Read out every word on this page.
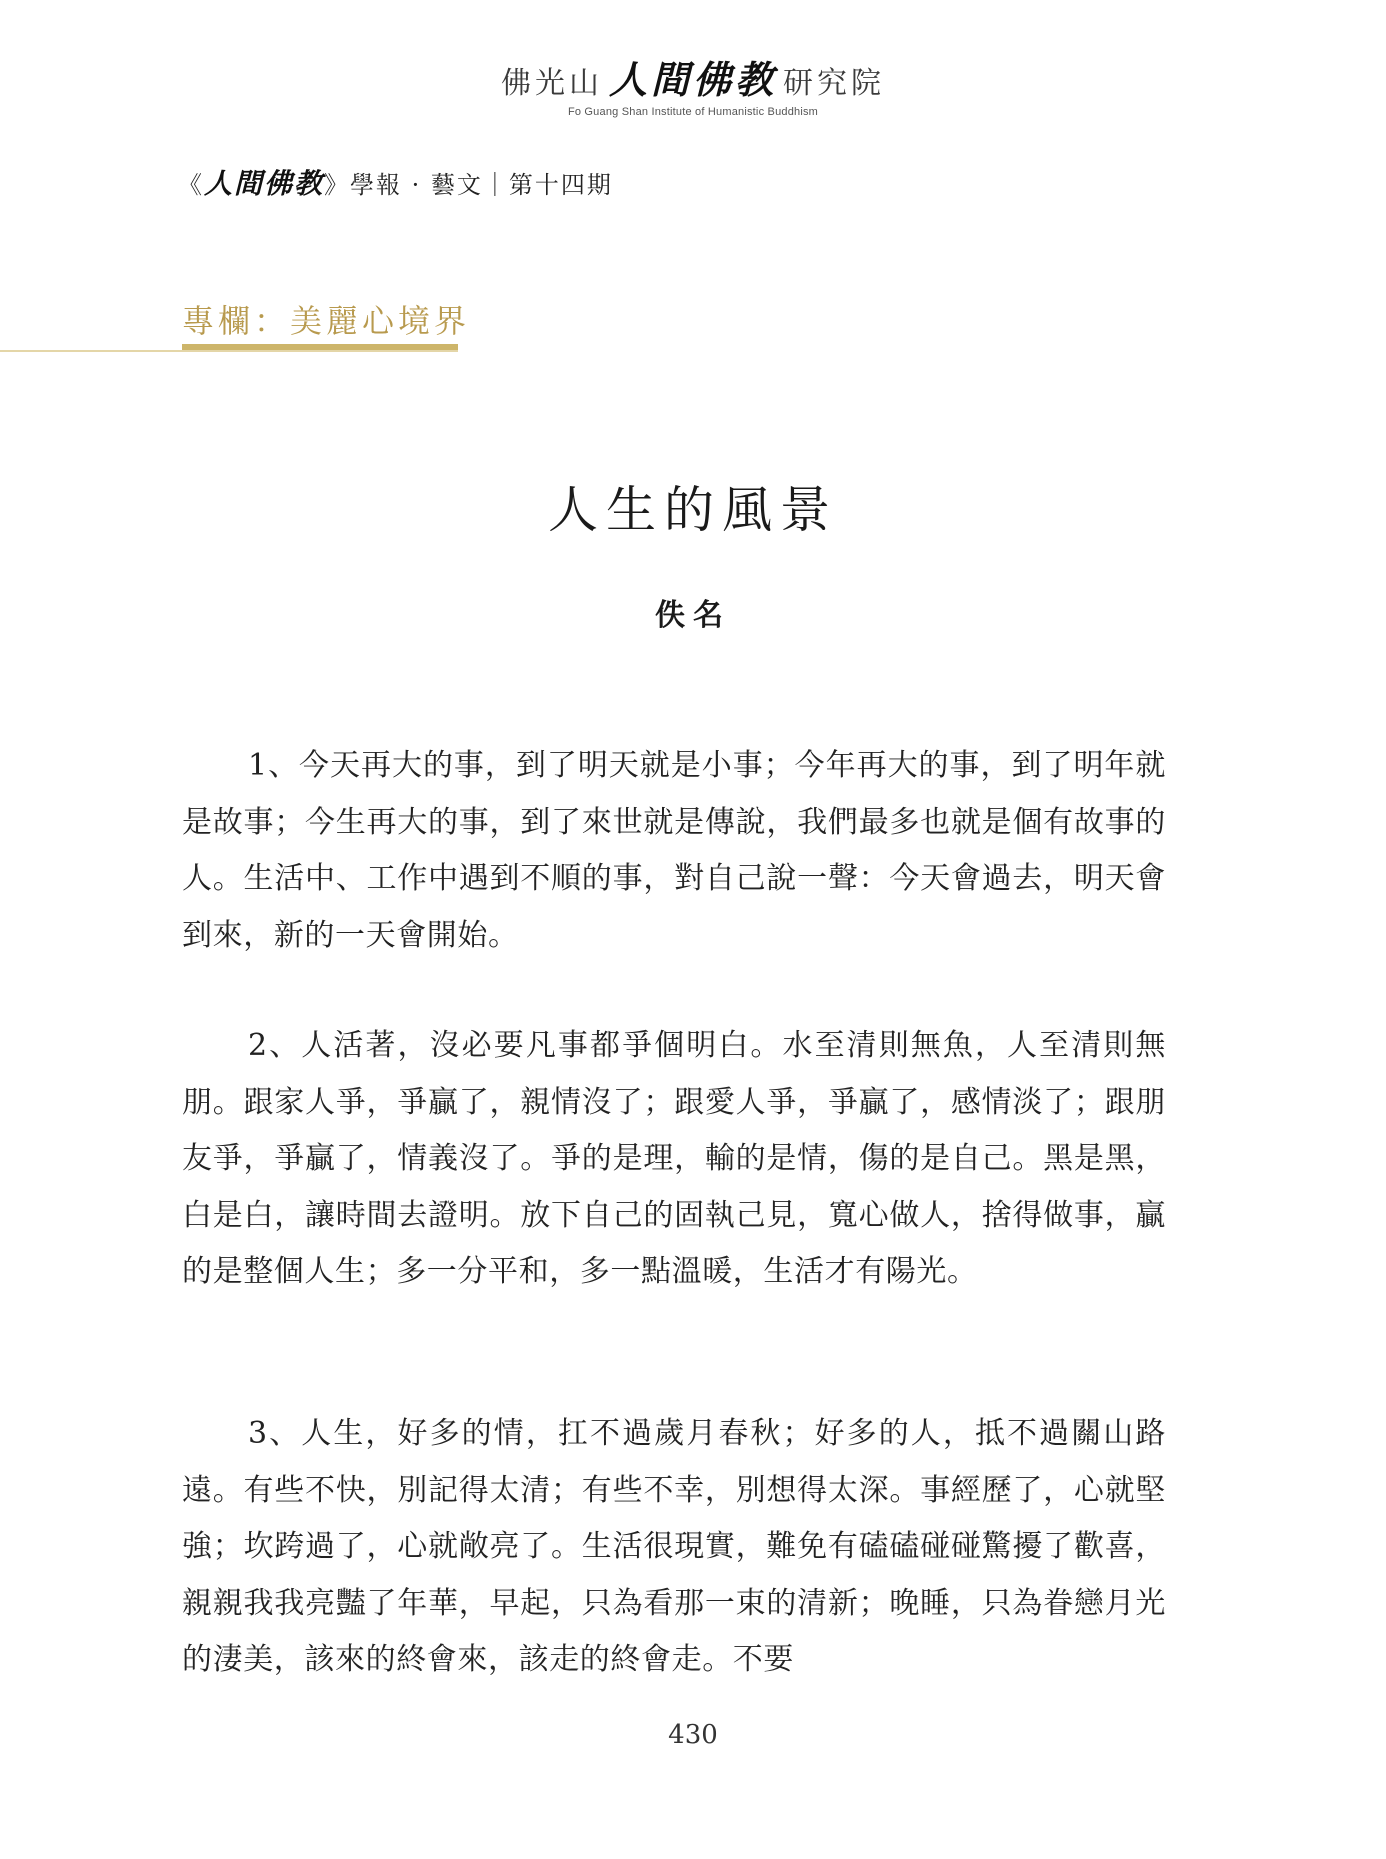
佛光山 人間佛教 研究院
Fo Guang Shan Institute of Humanistic Buddhism
《人間佛教》學報 · 藝文｜第十四期
專欄：美麗心境界
人生的風景
佚名

1、今天再大的事，到了明天就是小事；今年再大的事，到了明年就是故事；今生再大的事，到了來世就是傳說，我們最多也就是個有故事的人。生活中、工作中遇到不順的事，對自己說一聲：今天會過去，明天會到來，新的一天會開始。

2、人活著，沒必要凡事都爭個明白。水至清則無魚，人至清則無朋。跟家人爭，爭贏了，親情沒了；跟愛人爭，爭贏了，感情淡了；跟朋友爭，爭贏了，情義沒了。爭的是理，輸的是情，傷的是自己。黑是黑，白是白，讓時間去證明。放下自己的固執己見，寬心做人，捨得做事，贏的是整個人生；多一分平和，多一點溫暖，生活才有陽光。

3、人生，好多的情，扛不過歲月春秋；好多的人，抵不過關山路遠。有些不快，別記得太清；有些不幸，別想得太深。事經歷了，心就堅強；坎跨過了，心就敞亮了。生活很現實，難免有磕磕碰碰驚擾了歡喜，親親我我亮豔了年華，早起，只為看那一束的清新；晚睡，只為眷戀月光的淒美，該來的終會來，該走的終會走。不要

430
